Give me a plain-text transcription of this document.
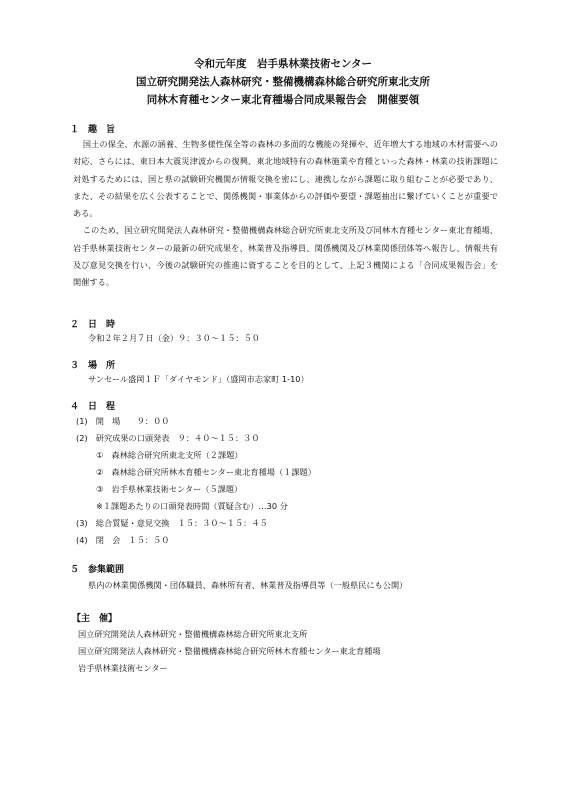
令和元年度　岩手県林業技術センター
国立研究開発法人森林研究・整備機構森林総合研究所東北支所
同林木育種センター東北育種場合同成果報告会　開催要領
１　趣　旨
国土の保全、水源の涵養、生物多様性保全等の森林の多面的な機能の発揮や、近年増大する地域の木材需要への対応、さらには、東日本大震災津波からの復興、東北地域特有の森林施業や育種といった森林・林業の技術課題に対処するためには、国と県の試験研究機関が情報交換を密にし、連携しながら課題に取り組むことが必要であり、また、その結果を広く公表することで、関係機関・事業体からの評価や要望・課題抽出に繋げていくことが重要である。
このため、国立研究開発法人森林研究・整備機構森林総合研究所東北支所及び同林木育種センター東北育種場、岩手県林業技術センターの最新の研究成果を、林業普及指導員、関係機関及び林業関係団体等へ報告し、情報共有及び意見交換を行い、今後の試験研究の推進に資することを目的として、上記３機関による「合同成果報告会」を開催する。
２　日　時
令和２年２月７日（金）９：３０～１５：５０
３　場　所
サンセール盛岡１Ｆ「ダイヤモンド」（盛岡市志家町 1-10）
４　日　程
(1)　開　場　　９：００
(2)　研究成果の口頭発表　９：４０～１５：３０
①　森林総合研究所東北支所（２課題）
②　森林総合研究所林木育種センター東北育種場（１課題）
③　岩手県林業技術センター（５課題）
※１課題あたりの口頭発表時間（質疑含む）…30 分
(3)　総合質疑・意見交換　１５：３０～１５：４５
(4)　閉　会　１５：５０
５　参集範囲
県内の林業関係機関・団体職員、森林所有者、林業普及指導員等（一般県民にも公開）
【主　催】
国立研究開発法人森林研究・整備機構森林総合研究所東北支所
国立研究開発法人森林研究・整備機構森林総合研究所林木育種センター東北育種場
岩手県林業技術センター
